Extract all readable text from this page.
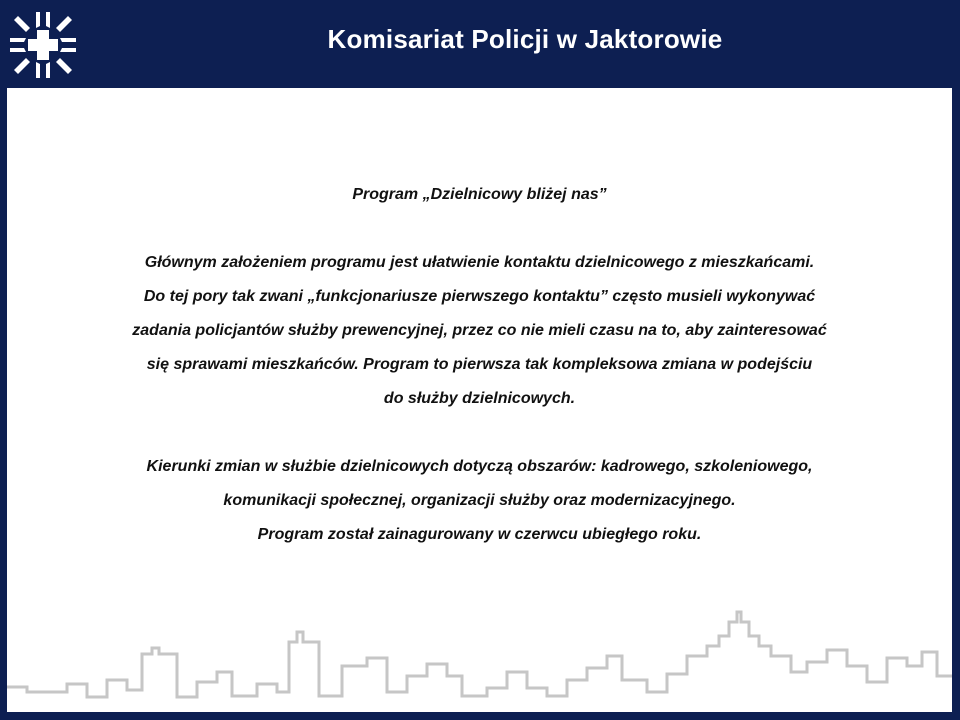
Komisariat Policji w Jaktorowie
Program „Dzielnicowy bliżej nas”
Głównym założeniem programu jest ułatwienie kontaktu dzielnicowego z mieszkańcami.
Do tej pory tak zwani „funkcjonariusze pierwszego kontaktu” często musieli wykonywać
zadania policjantów służby prewencyjnej, przez co nie mieli czasu na to, aby zainteresować
się sprawami mieszkańców. Program to pierwsza tak kompleksowa zmiana w podejściu
do służby dzielnicowych.
Kierunki zmian w służbie dzielnicowych dotyczą obszarów: kadrowego, szkoleniowego,
komunikacji społecznej, organizacji służby oraz modernizacyjnego.
Program został zainagurowany w czerwcu ubiegłego roku.
